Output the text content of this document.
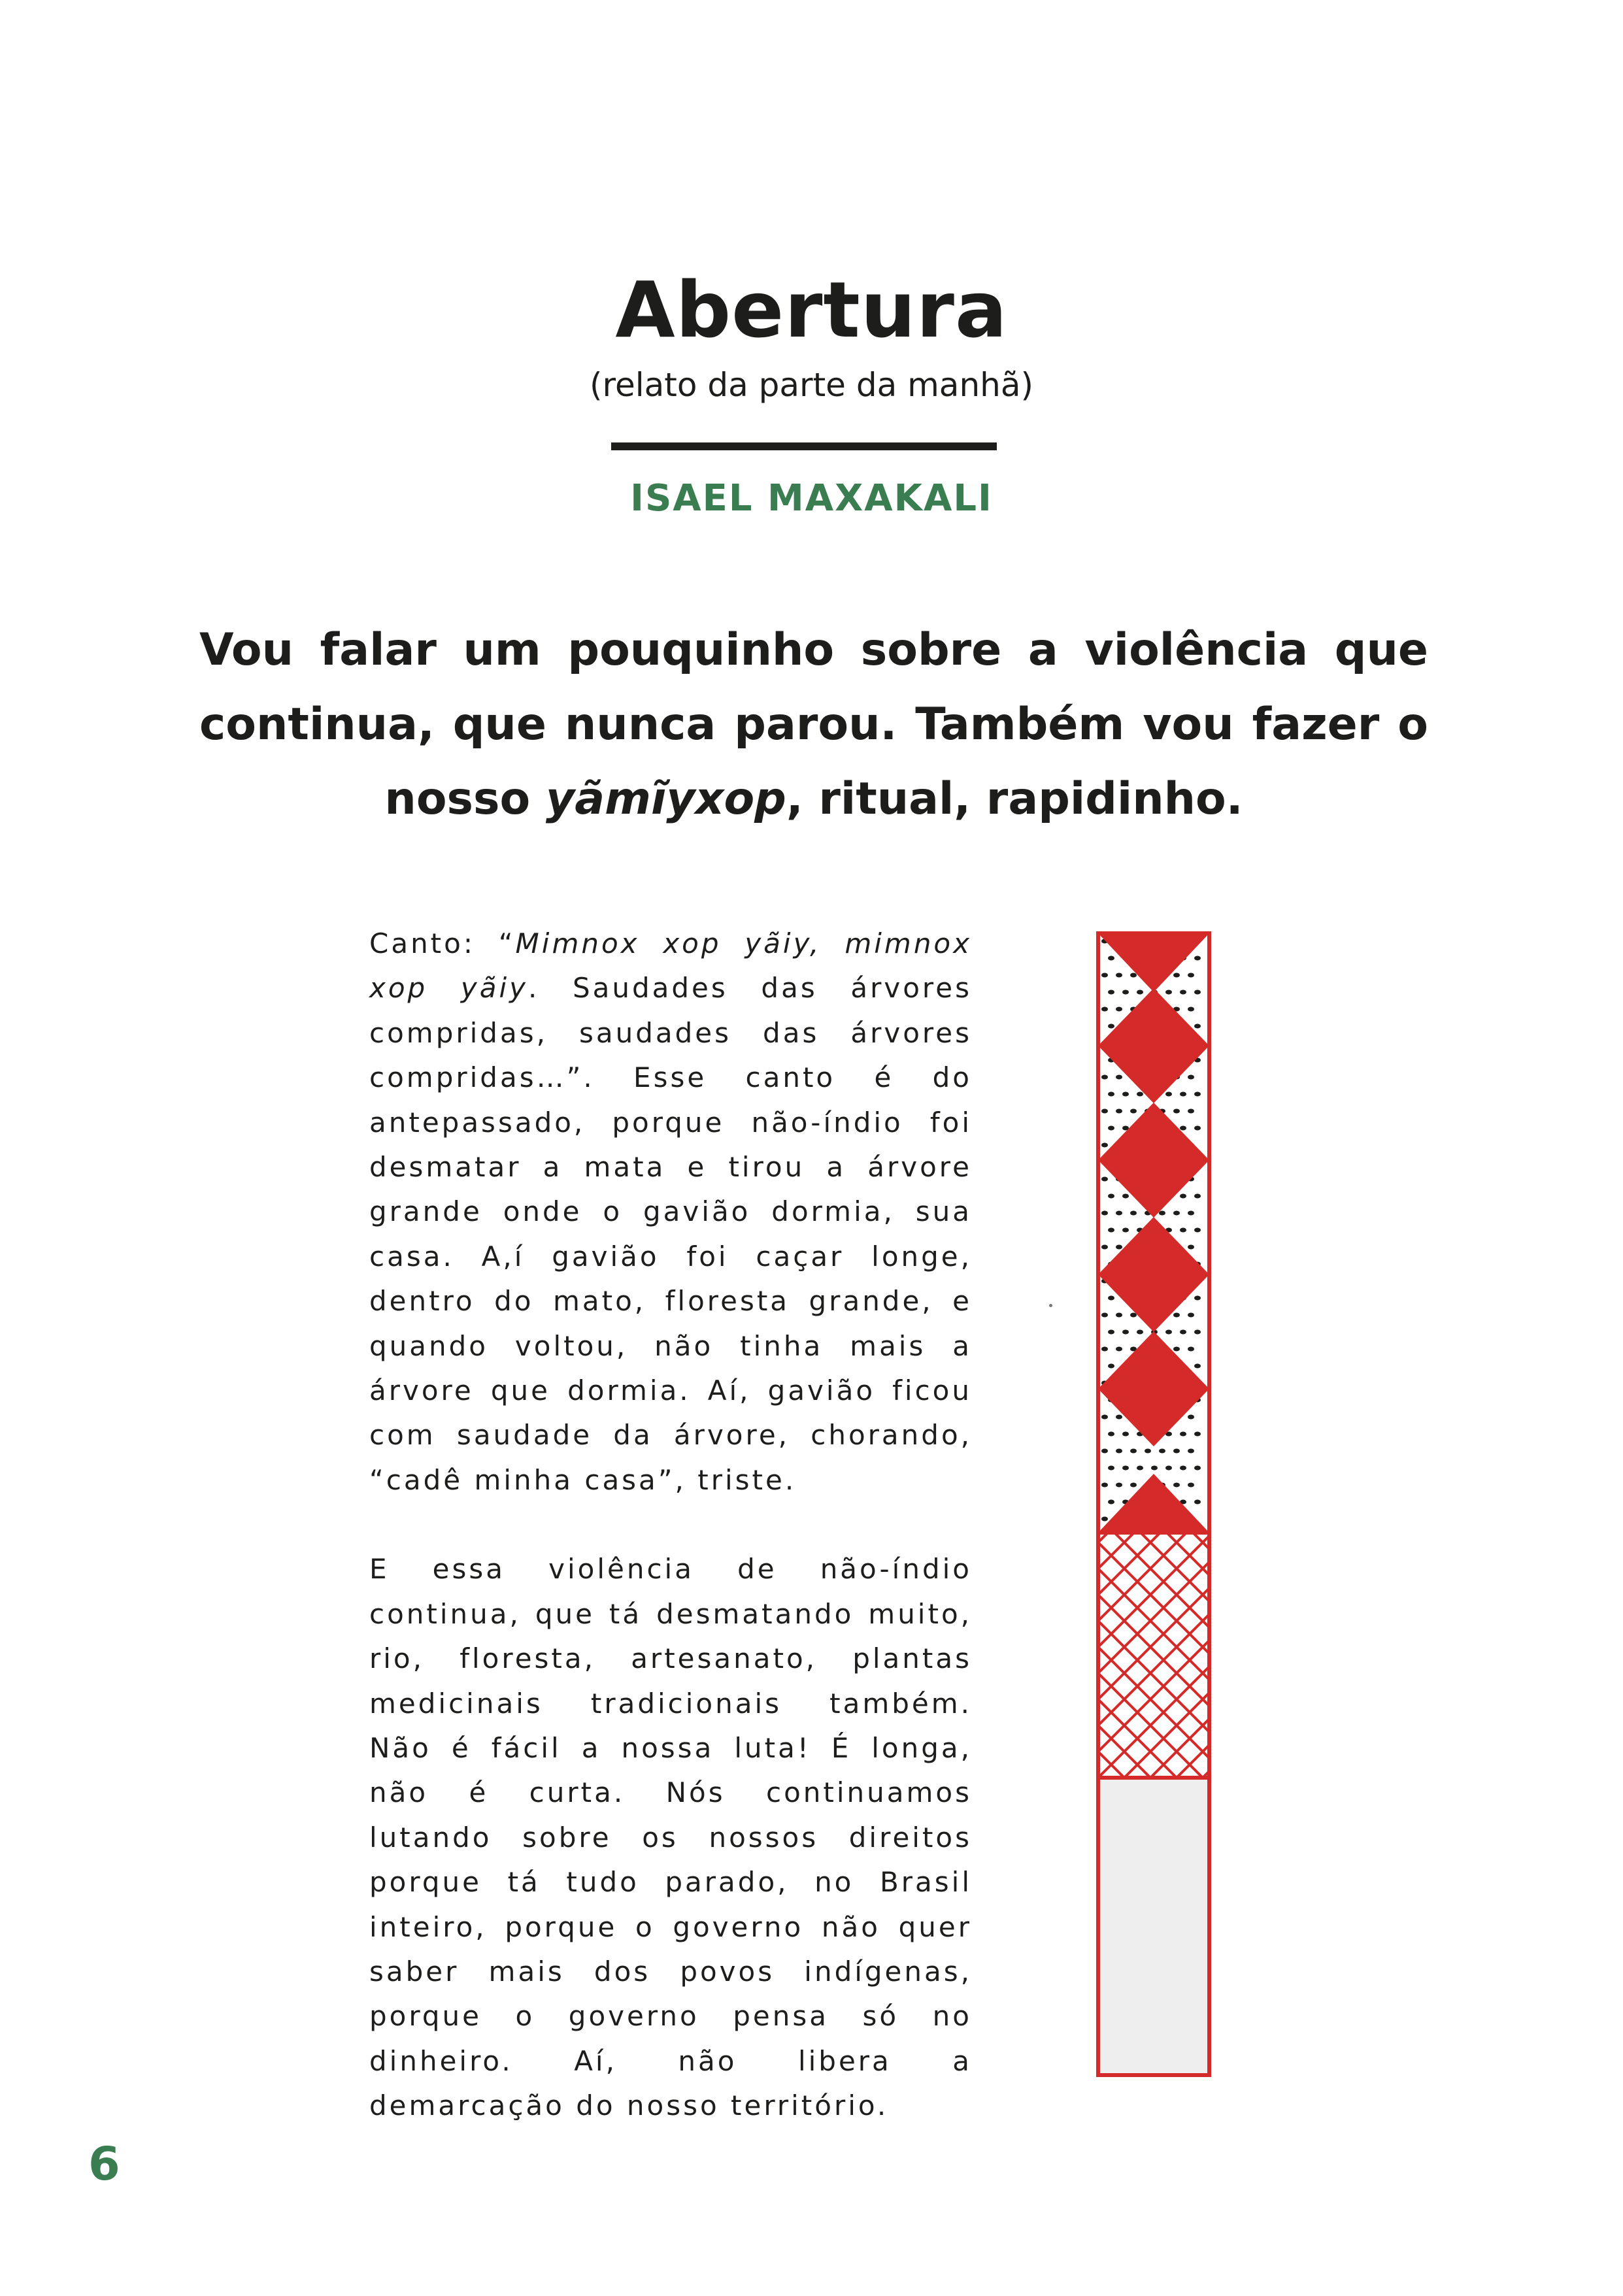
Abertura
(relato da parte da manhã)
ISAEL MAXAKALI
Vou falar um pouquinho sobre a violência que continua, que nunca parou. Também vou fazer o nosso yãmĩyxop, ritual, rapidinho.

Canto: “Mimnox xop yãiy, mimnox xop yãiy. Saudades das árvores compridas, saudades das árvores compridas…”. Esse canto é do antepassado, porque não-índio foi desmatar a mata e tirou a árvore grande onde o gavião dormia, sua casa. A,í gavião foi caçar longe, dentro do mato, floresta grande, e quando voltou, não tinha mais a árvore que dormia. Aí, gavião ficou com saudade da árvore, chorando, “cadê minha casa”, triste.

E essa violência de não-índio continua, que tá desmatando muito, rio, floresta, artesanato, plantas medicinais tradicionais também. Não é fácil a nossa luta! É longa, não é curta. Nós continuamos lutando sobre os nossos direitos porque tá tudo parado, no Brasil inteiro, porque o governo não quer saber mais dos povos indígenas, porque o governo pensa só no dinheiro. Aí, não libera a demarcação do nosso território.

6
